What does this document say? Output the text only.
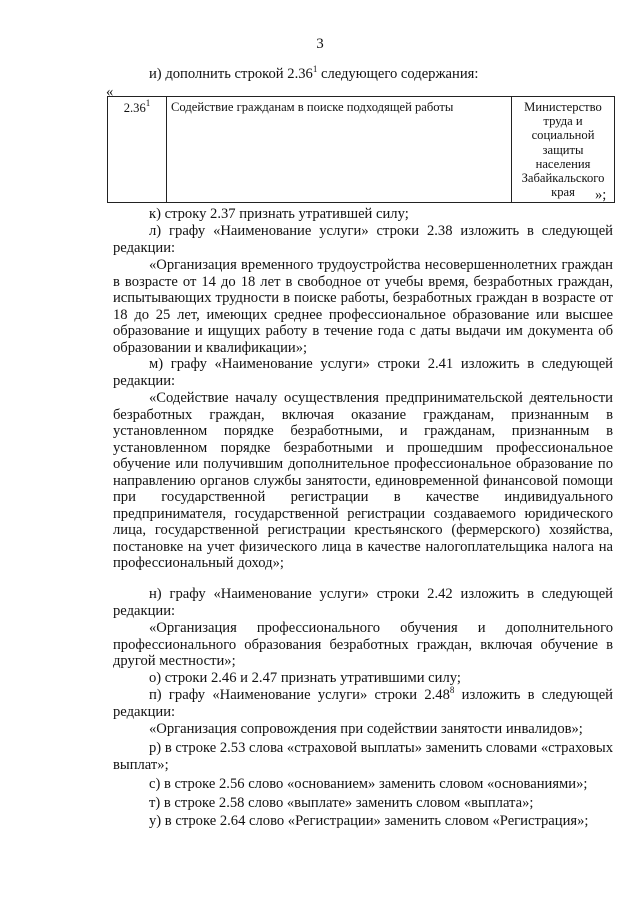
3
и) дополнить строкой 2.36$^1$ следующего содержания:
«
2.36$^1$	Содействие гражданам в поиске подходящей работы	Министерство
труда и
социальной
защиты населения
Забайкальского
края	»;
к) строку 2.37 признать утратившей силу;
л) графу «Наименование услуги» строки 2.38 изложить в следующей редакции:
«Организация временного трудоустройства несовершеннолетних граждан в возрасте от 14 до 18 лет в свободное от учебы время, безработных граждан, испытывающих трудности в поиске работы, безработных граждан в возрасте от 18 до 25 лет, имеющих среднее профессиональное образование или высшее образование и ищущих работу в течение года с даты выдачи им документа об образовании и квалификации»;
м) графу «Наименование услуги» строки 2.41 изложить в следующей редакции:
«Содействие началу осуществления предпринимательской деятельности безработных граждан, включая оказание гражданам, признанным в установленном порядке безработными, и гражданам, признанным в установленном порядке безработными и прошедшим профессиональное обучение или получившим дополнительное профессиональное образование по направлению органов службы занятости, единовременной финансовой помощи при государственной регистрации в качестве индивидуального предпринимателя, государственной регистрации создаваемого юридического лица, государственной регистрации крестьянского (фермерского) хозяйства, постановке на учет физического лица в качестве налогоплательщика налога на профессиональный доход»;
н) графу «Наименование услуги» строки 2.42 изложить в следующей редакции:
«Организация профессионального обучения и дополнительного профессионального образования безработных граждан, включая обучение в другой местности»;
о) строки 2.46 и 2.47 признать утратившими силу;
п) графу «Наименование услуги» строки 2.48$^8$ изложить в следующей редакции:
«Организация сопровождения при содействии занятости инвалидов»;
р) в строке 2.53 слова «страховой выплаты» заменить словами «страховых выплат»;
с) в строке 2.56 слово «основанием» заменить словом «основаниями»;
т) в строке 2.58 слово «выплате» заменить словом «выплата»;
у) в строке 2.64 слово «Регистрации» заменить словом «Регистрация»;
